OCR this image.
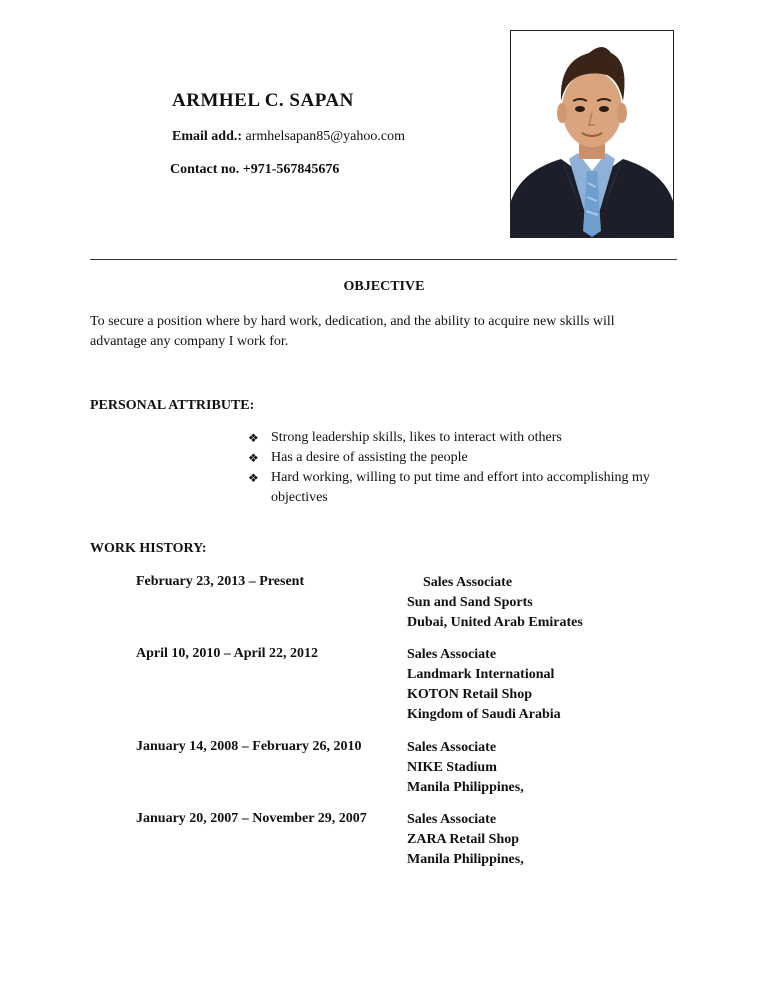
ARMHEL C. SAPAN
Email add.: armhelsapan85@yahoo.com
Contact no. +971-567845676
OBJECTIVE
To secure a position where by hard work, dedication, and the ability to acquire new skills will advantage any company I work for.
PERSONAL ATTRIBUTE:
❖ Strong leadership skills, likes to interact with others
❖ Has a desire of assisting the people
❖ Hard working, willing to put time and effort into accomplishing my objectives
WORK HISTORY:
February 23, 2013 – Present	Sales Associate
Sun and Sand Sports
Dubai, United Arab Emirates
April 10, 2010 – April 22, 2012	Sales Associate
Landmark International
KOTON Retail Shop
Kingdom of Saudi Arabia
January 14, 2008 – February 26, 2010	Sales Associate
NIKE Stadium
Manila Philippines,
January 20, 2007 – November 29, 2007	Sales Associate
ZARA Retail Shop
Manila Philippines,
